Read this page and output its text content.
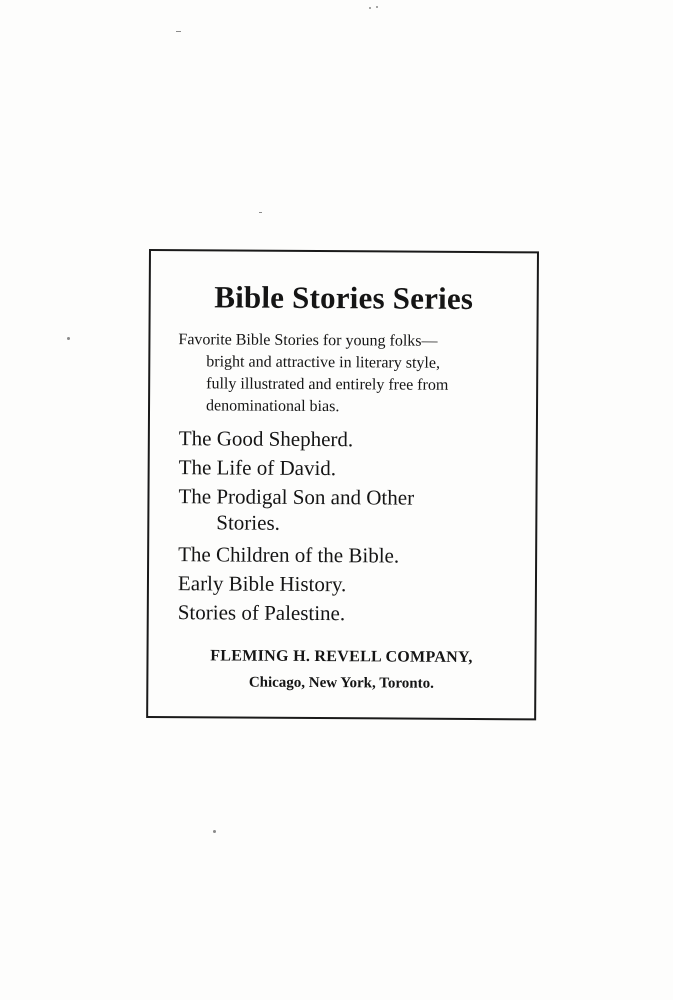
Bible Stories Series

Favorite Bible Stories for young folks—
bright and attractive in literary style,
fully illustrated and entirely free from
denominational bias.

The Good Shepherd.
The Life of David.
The Prodigal Son and Other
Stories.
The Children of the Bible.
Early Bible History.
Stories of Palestine.

FLEMING H. REVELL COMPANY,

Chicago, New York, Toronto.
